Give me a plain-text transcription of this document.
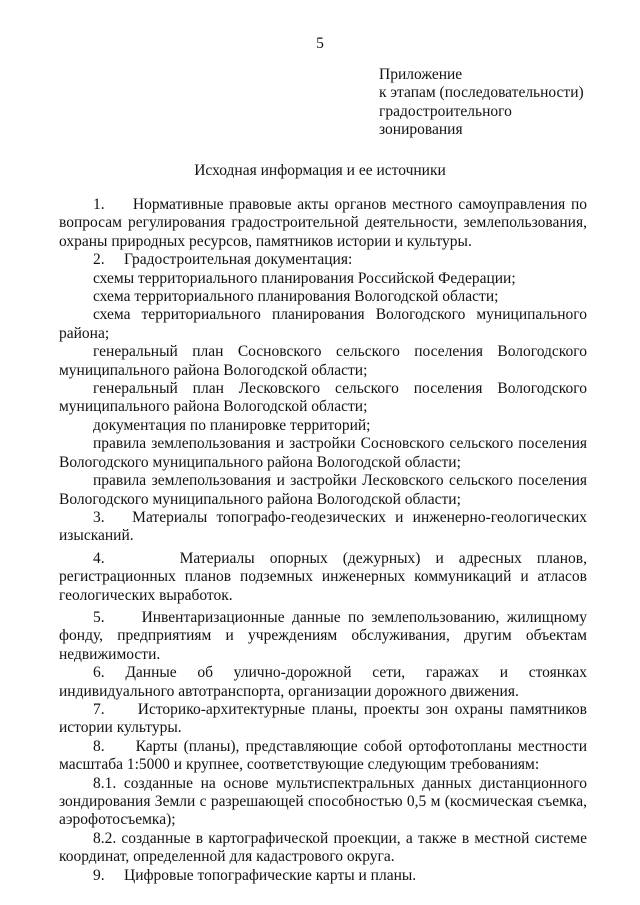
5
Приложение
к этапам (последовательности)
градостроительного
зонирования
Исходная информация и ее источники

1.     Нормативные правовые акты органов местного самоуправления по вопросам регулирования градостроительной деятельности, землепользования, охраны природных ресурсов, памятников истории и культуры.

2.     Градостроительная документация:

схемы территориального планирования Российской Федерации;

схема территориального планирования Вологодской области;

схема территориального планирования Вологодского муниципального района;

генеральный план Сосновского сельского поселения Вологодского муниципального района Вологодской области;

генеральный план Лесковского сельского поселения Вологодского муниципального района Вологодской области;

документация по планировке территорий;

правила землепользования и застройки Сосновского сельского поселения Вологодского муниципального района Вологодской области;

правила землепользования и застройки Лесковского сельского поселения Вологодского муниципального района Вологодской области;

3.   Материалы топографо-геодезических и инженерно-геологических изысканий.

4.     Материалы опорных (дежурных) и адресных планов, регистрационных планов подземных инженерных коммуникаций и атласов геологических выработок.

5.     Инвентаризационные данные по землепользованию, жилищному фонду, предприятиям и учреждениям обслуживания, другим объектам недвижимости.

6. Данные об улично-дорожной сети, гаражах и стоянках индивидуального автотранспорта, организации дорожного движения.

7.     Историко-архитектурные планы, проекты зон охраны памятников истории культуры.

8.     Карты (планы), представляющие собой ортофотопланы местности масштаба 1:5000 и крупнее, соответствующие следующим требованиям:

8.1. созданные на основе мультиспектральных данных дистанционного зондирования Земли с разрешающей способностью 0,5 м (космическая съемка, аэрофотосъемка);

8.2. созданные в картографической проекции, а также в местной системе координат, определенной для кадастрового округа.

9.     Цифровые топографические карты и планы.
